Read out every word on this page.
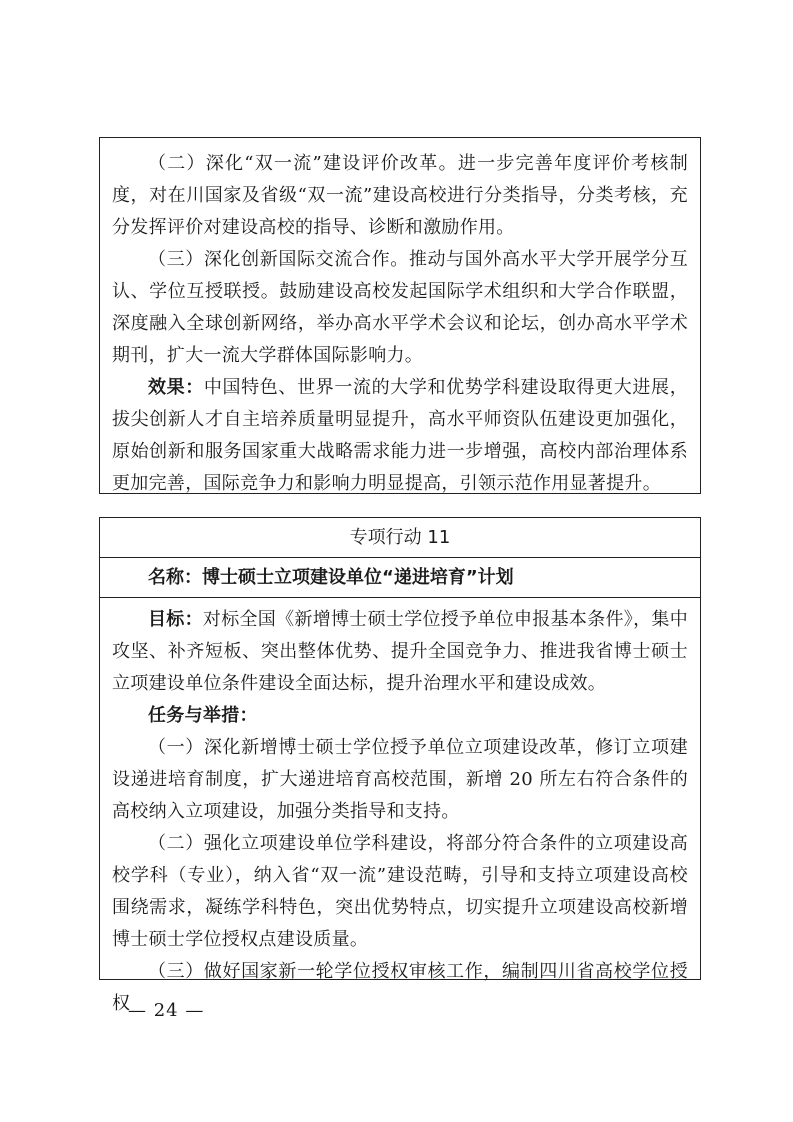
（二）深化“双一流”建设评价改革。进一步完善年度评价考核制度，对在川国家及省级“双一流”建设高校进行分类指导，分类考核，充分发挥评价对建设高校的指导、诊断和激励作用。

（三）深化创新国际交流合作。推动与国外高水平大学开展学分互认、学位互授联授。鼓励建设高校发起国际学术组织和大学合作联盟，深度融入全球创新网络，举办高水平学术会议和论坛，创办高水平学术期刊，扩大一流大学群体国际影响力。

效果：中国特色、世界一流的大学和优势学科建设取得更大进展，拔尖创新人才自主培养质量明显提升，高水平师资队伍建设更加强化，原始创新和服务国家重大战略需求能力进一步增强，高校内部治理体系更加完善，国际竞争力和影响力明显提高，引领示范作用显著提升。

专项行动 11
名称：博士硕士立项建设单位“递进培育”计划

目标：对标全国《新增博士硕士学位授予单位申报基本条件》，集中攻坚、补齐短板、突出整体优势、提升全国竞争力、推进我省博士硕士立项建设单位条件建设全面达标，提升治理水平和建设成效。

任务与举措：

（一）深化新增博士硕士学位授予单位立项建设改革，修订立项建设递进培育制度，扩大递进培育高校范围，新增 20 所左右符合条件的高校纳入立项建设，加强分类指导和支持。

（二）强化立项建设单位学科建设，将部分符合条件的立项建设高校学科（专业），纳入省“双一流”建设范畴，引导和支持立项建设高校围绕需求，凝练学科特色，突出优势特点，切实提升立项建设高校新增博士硕士学位授权点建设质量。

（三）做好国家新一轮学位授权审核工作，编制四川省高校学位授权

— 24 —
